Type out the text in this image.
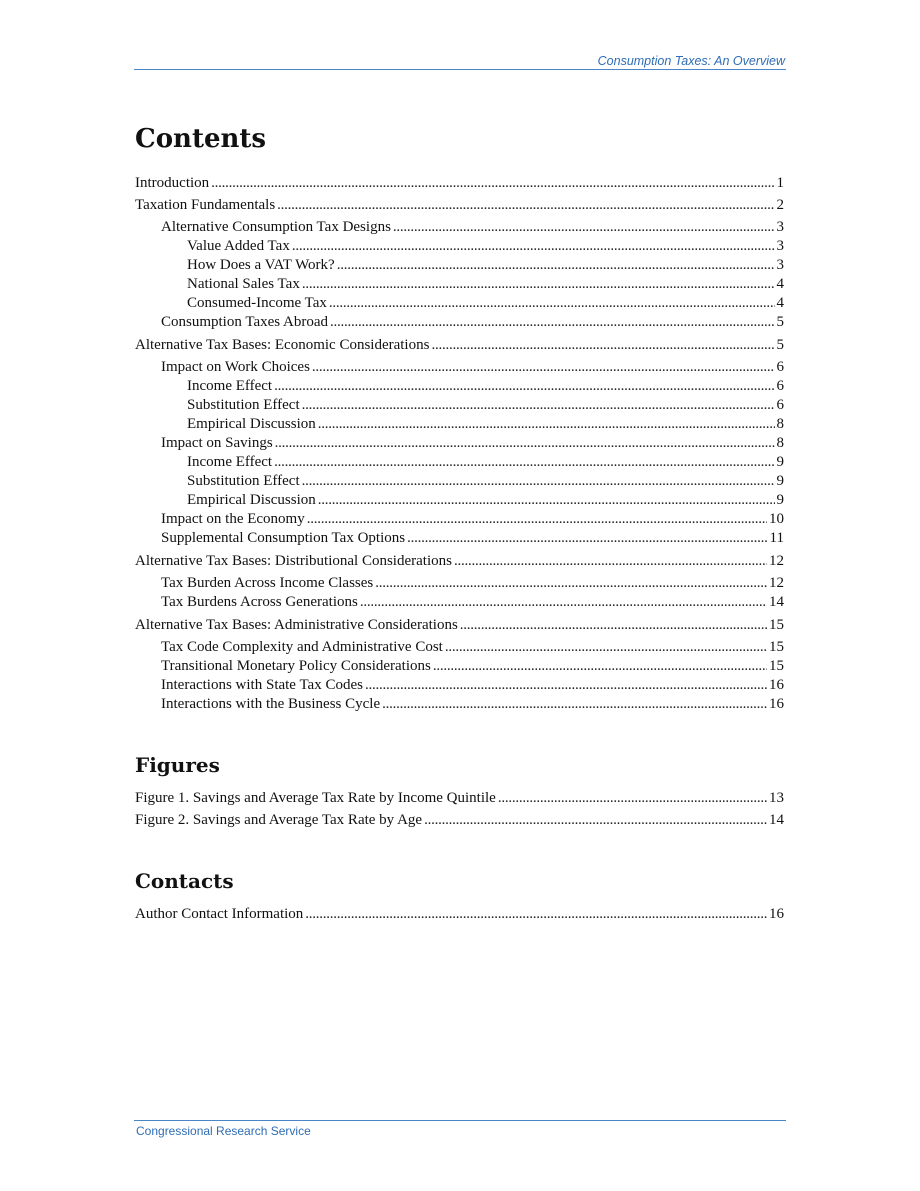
Consumption Taxes: An Overview
Contents
Introduction . . .	1
Taxation Fundamentals . . .	2
Alternative Consumption Tax Designs . . .	3
Value Added Tax . . .	3
How Does a VAT Work? . . .	3
National Sales Tax . . .	4
Consumed-Income Tax . . .	4
Consumption Taxes Abroad . . .	5
Alternative Tax Bases: Economic Considerations . . .	5
Impact on Work Choices . . .	6
Income Effect . . .	6
Substitution Effect . . .	6
Empirical Discussion . . .	8
Impact on Savings . . .	8
Income Effect . . .	9
Substitution Effect . . .	9
Empirical Discussion . . .	9
Impact on the Economy . . .	10
Supplemental Consumption Tax Options . . .	11
Alternative Tax Bases: Distributional Considerations . . .	12
Tax Burden Across Income Classes . . .	12
Tax Burdens Across Generations . . .	14
Alternative Tax Bases: Administrative Considerations . . .	15
Tax Code Complexity and Administrative Cost . . .	15
Transitional Monetary Policy Considerations . . .	15
Interactions with State Tax Codes . . .	16
Interactions with the Business Cycle . . .	16
Figures
Figure 1. Savings and Average Tax Rate by Income Quintile . . .	13
Figure 2. Savings and Average Tax Rate by Age . . .	14
Contacts
Author Contact Information . . .	16
Congressional Research Service
